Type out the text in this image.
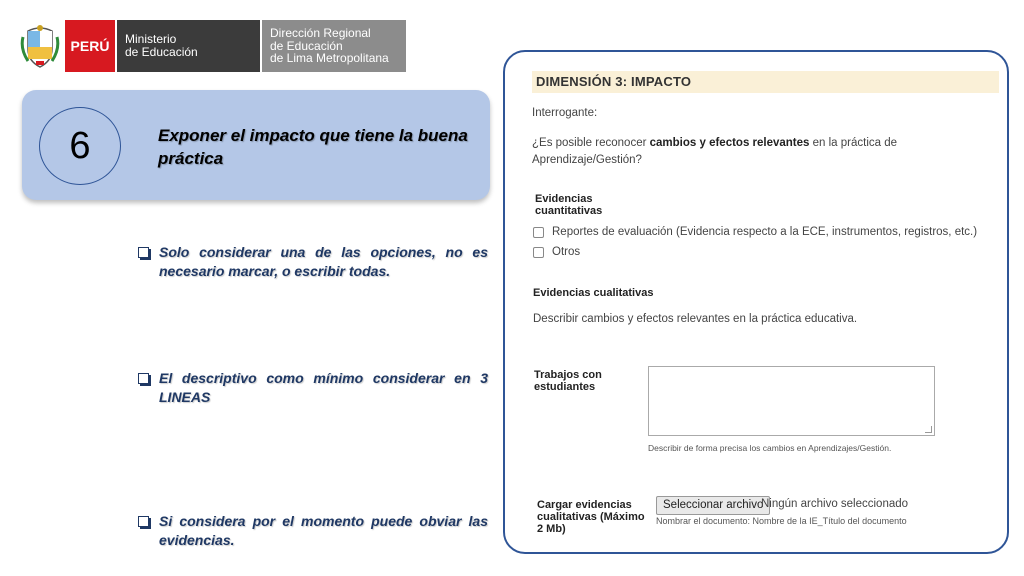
PERÚ	Ministerio
de Educación
Dirección Regional
de Educación
de Lima Metropolitana
6	Exponer el impacto que tiene la buena práctica
Solo considerar una de las opciones, no es necesario marcar, o escribir todas.
El descriptivo como mínimo considerar en 3 LINEAS
Si considera por el momento puede obviar las evidencias.
DIMENSIÓN 3: IMPACTO
Interrogante:
¿Es posible reconocer cambios y efectos relevantes en la práctica de
Aprendizaje/Gestión?
Evidencias
cuantitativas
Reportes de evaluación (Evidencia respecto a la ECE, instrumentos, registros, etc.)
Otros
Evidencias cualitativas
Describir cambios y efectos relevantes en la práctica educativa.
Trabajos con
estudiantes
Describir de forma precisa los cambios en Aprendizajes/Gestión.
Cargar evidencias
cualitativas (Máximo
2 Mb)
Seleccionar archivo
Ningún archivo seleccionado
Nombrar el documento: Nombre de la IE_Título del documento
